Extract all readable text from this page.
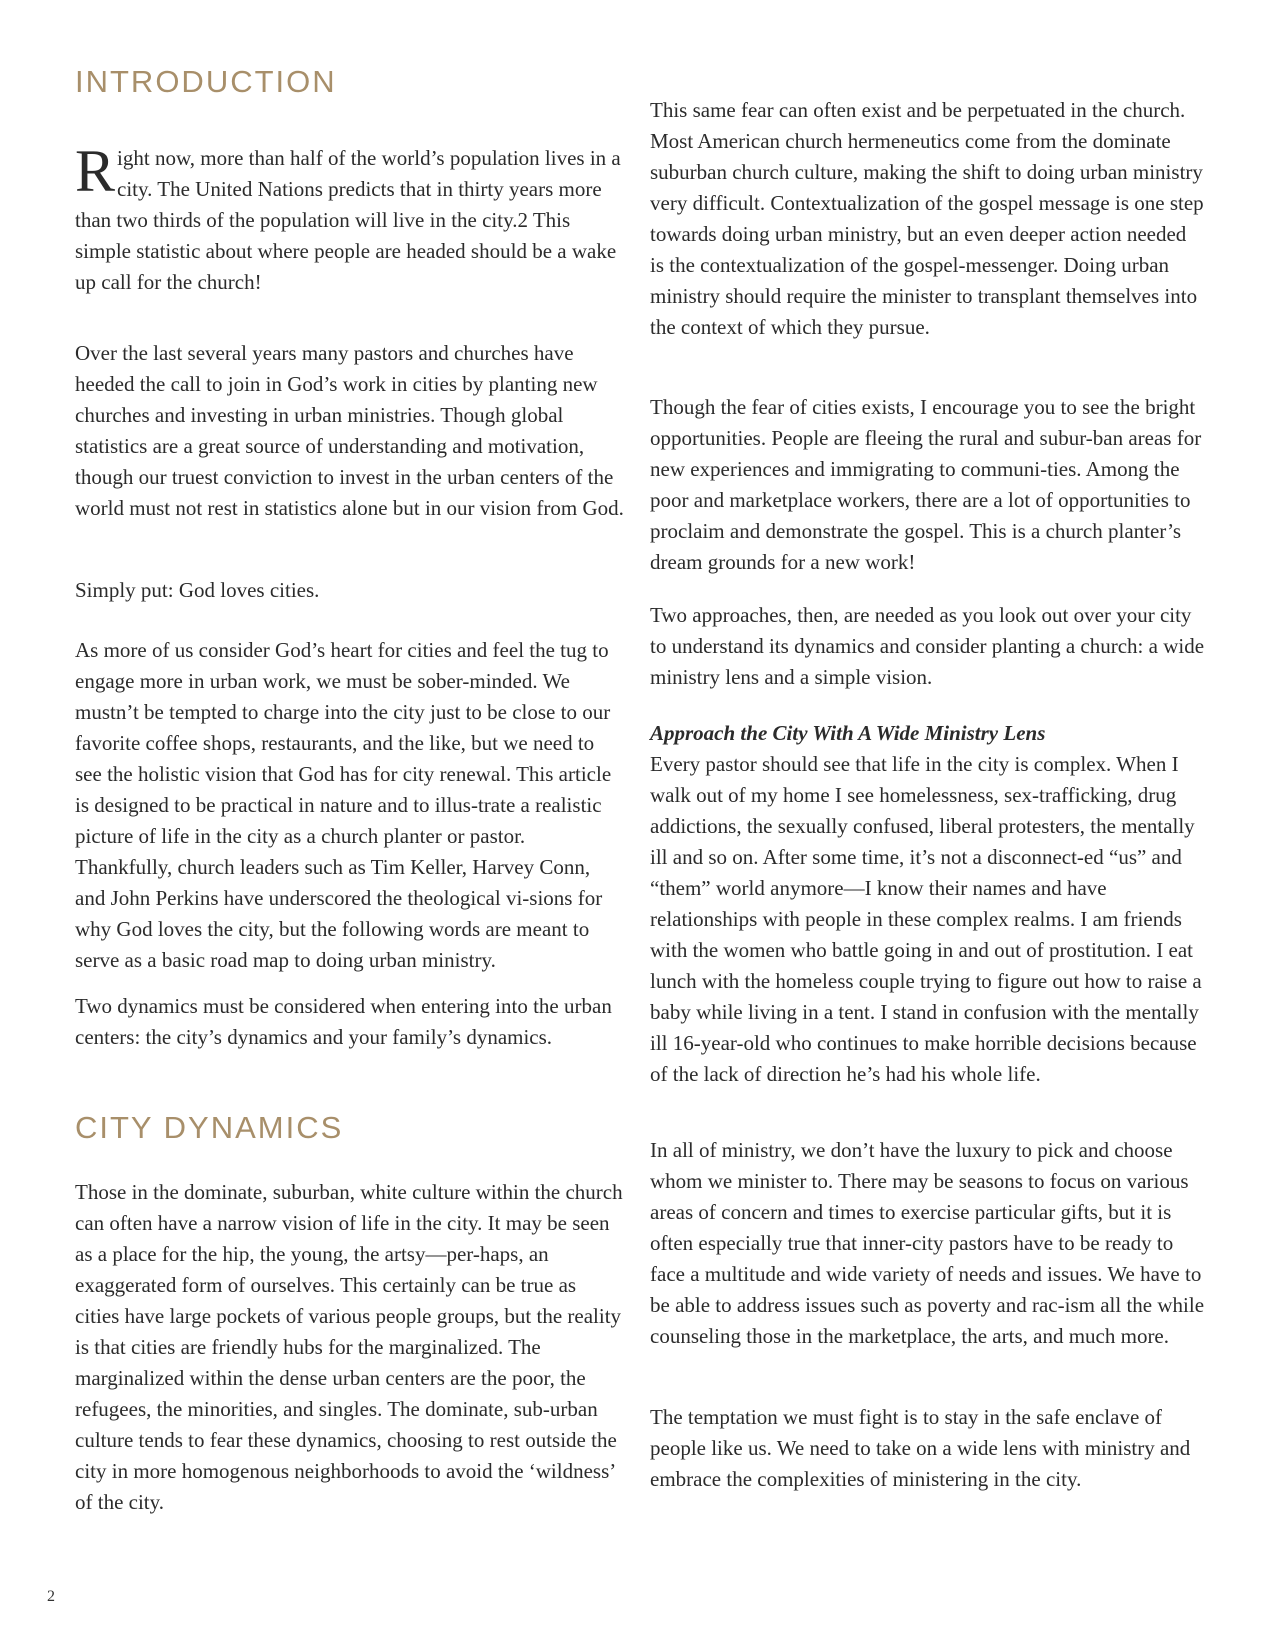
INTRODUCTION

Right now, more than half of the world’s population lives in a city. The United Nations predicts that in thirty years more than two thirds of the population will live in the city.2 This simple statistic about where people are headed should be a wake up call for the church!

Over the last several years many pastors and churches have heeded the call to join in God’s work in cities by planting new churches and investing in urban ministries. Though global statistics are a great source of understanding and motivation, though our truest conviction to invest in the urban centers of the world must not rest in statistics alone but in our vision from God.

Simply put: God loves cities.

As more of us consider God’s heart for cities and feel the tug to engage more in urban work, we must be sober-minded. We mustn’t be tempted to charge into the city just to be close to our favorite coffee shops, restaurants, and the like, but we need to see the holistic vision that God has for city renewal. This article is designed to be practical in nature and to illus-trate a realistic picture of life in the city as a church planter or pastor. Thankfully, church leaders such as Tim Keller, Harvey Conn, and John Perkins have underscored the theological vi-sions for why God loves the city, but the following words are meant to serve as a basic road map to doing urban ministry.

Two dynamics must be considered when entering into the urban centers: the city’s dynamics and your family’s dynamics.

CITY DYNAMICS

Those in the dominate, suburban, white culture within the church can often have a narrow vision of life in the city. It may be seen as a place for the hip, the young, the artsy—per-haps, an exaggerated form of ourselves. This certainly can be true as cities have large pockets of various people groups, but the reality is that cities are friendly hubs for the marginalized. The marginalized within the dense urban centers are the poor, the refugees, the minorities, and singles. The dominate, sub-urban culture tends to fear these dynamics, choosing to rest outside the city in more homogenous neighborhoods to avoid the ‘wildness’ of the city.

This same fear can often exist and be perpetuated in the church. Most American church hermeneutics come from the dominate suburban church culture, making the shift to doing urban ministry very difficult. Contextualization of the gospel message is one step towards doing urban ministry, but an even deeper action needed is the contextualization of the gospel-messenger. Doing urban ministry should require the minister to transplant themselves into the context of which they pursue.

Though the fear of cities exists, I encourage you to see the bright opportunities. People are fleeing the rural and subur-ban areas for new experiences and immigrating to communi-ties. Among the poor and marketplace workers, there are a lot of opportunities to proclaim and demonstrate the gospel. This is a church planter’s dream grounds for a new work!

Two approaches, then, are needed as you look out over your city to understand its dynamics and consider planting a church: a wide ministry lens and a simple vision.

Approach the City With A Wide Ministry Lens

Every pastor should see that life in the city is complex. When I walk out of my home I see homelessness, sex-trafficking, drug addictions, the sexually confused, liberal protesters, the mentally ill and so on. After some time, it’s not a disconnect-ed “us” and “them” world anymore—I know their names and have relationships with people in these complex realms. I am friends with the women who battle going in and out of prostitution. I eat lunch with the homeless couple trying to figure out how to raise a baby while living in a tent. I stand in confusion with the mentally ill 16-year-old who continues to make horrible decisions because of the lack of direction he’s had his whole life.

In all of ministry, we don’t have the luxury to pick and choose whom we minister to. There may be seasons to focus on various areas of concern and times to exercise particular gifts, but it is often especially true that inner-city pastors have to be ready to face a multitude and wide variety of needs and issues. We have to be able to address issues such as poverty and rac-ism all the while counseling those in the marketplace, the arts, and much more.

The temptation we must fight is to stay in the safe enclave of people like us. We need to take on a wide lens with ministry and embrace the complexities of ministering in the city.

2
